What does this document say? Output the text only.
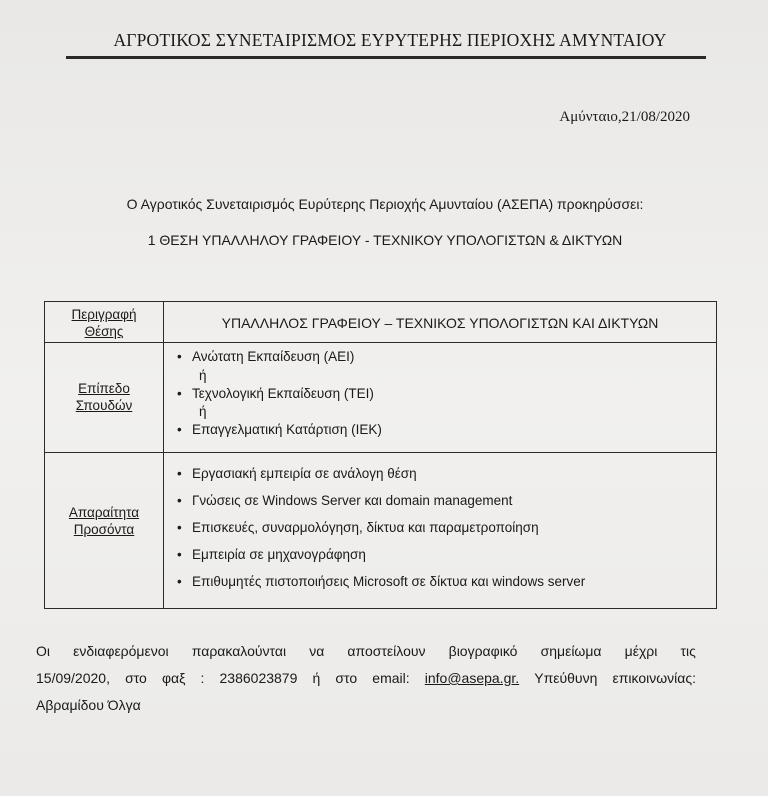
ΑΓΡΟΤΙΚΟΣ ΣΥΝΕΤΑΙΡΙΣΜΟΣ ΕΥΡΥΤΕΡΗΣ ΠΕΡΙΟΧΗΣ ΑΜΥΝΤΑΙΟΥ
Αμύνταιο,21/08/2020
Ο Αγροτικός Συνεταιρισμός Ευρύτερης Περιοχής Αμυνταίου (ΑΣΕΠΑ) προκηρύσσει:
1 ΘΕΣΗ ΥΠΑΛΛΗΛΟΥ ΓΡΑΦΕΙΟΥ - ΤΕΧΝΙΚΟΥ ΥΠΟΛΟΓΙΣΤΩΝ & ΔΙΚΤΥΩΝ
Περιγραφή
Θέσης
ΥΠΑΛΛΗΛΟΣ ΓΡΑΦΕΙΟΥ – ΤΕΧΝΙΚΟΣ ΥΠΟΛΟΓΙΣΤΩΝ ΚΑΙ ΔΙΚΤΥΩΝ
Επίπεδο
Σπουδών
• Ανώτατη Εκπαίδευση (ΑΕΙ)
ή
• Τεχνολογική Εκπαίδευση (ΤΕΙ)
ή
• Επαγγελματική Κατάρτιση (ΙΕΚ)
Απαραίτητα
Προσόντα
• Εργασιακή εμπειρία σε ανάλογη θέση
• Γνώσεις σε Windows Server και domain management
• Επισκευές, συναρμολόγηση, δίκτυα και παραμετροποίηση
• Εμπειρία σε μηχανογράφηση
• Επιθυμητές πιστοποιήσεις Microsoft σε δίκτυα και windows server
Οι ενδιαφερόμενοι παρακαλούνται να αποστείλουν βιογραφικό σημείωμα μέχρι τις
15/09/2020, στο φαξ : 2386023879 ή στο email: info@asepa.gr. Υπεύθυνη επικοινωνίας:
Αβραμίδου Όλγα
